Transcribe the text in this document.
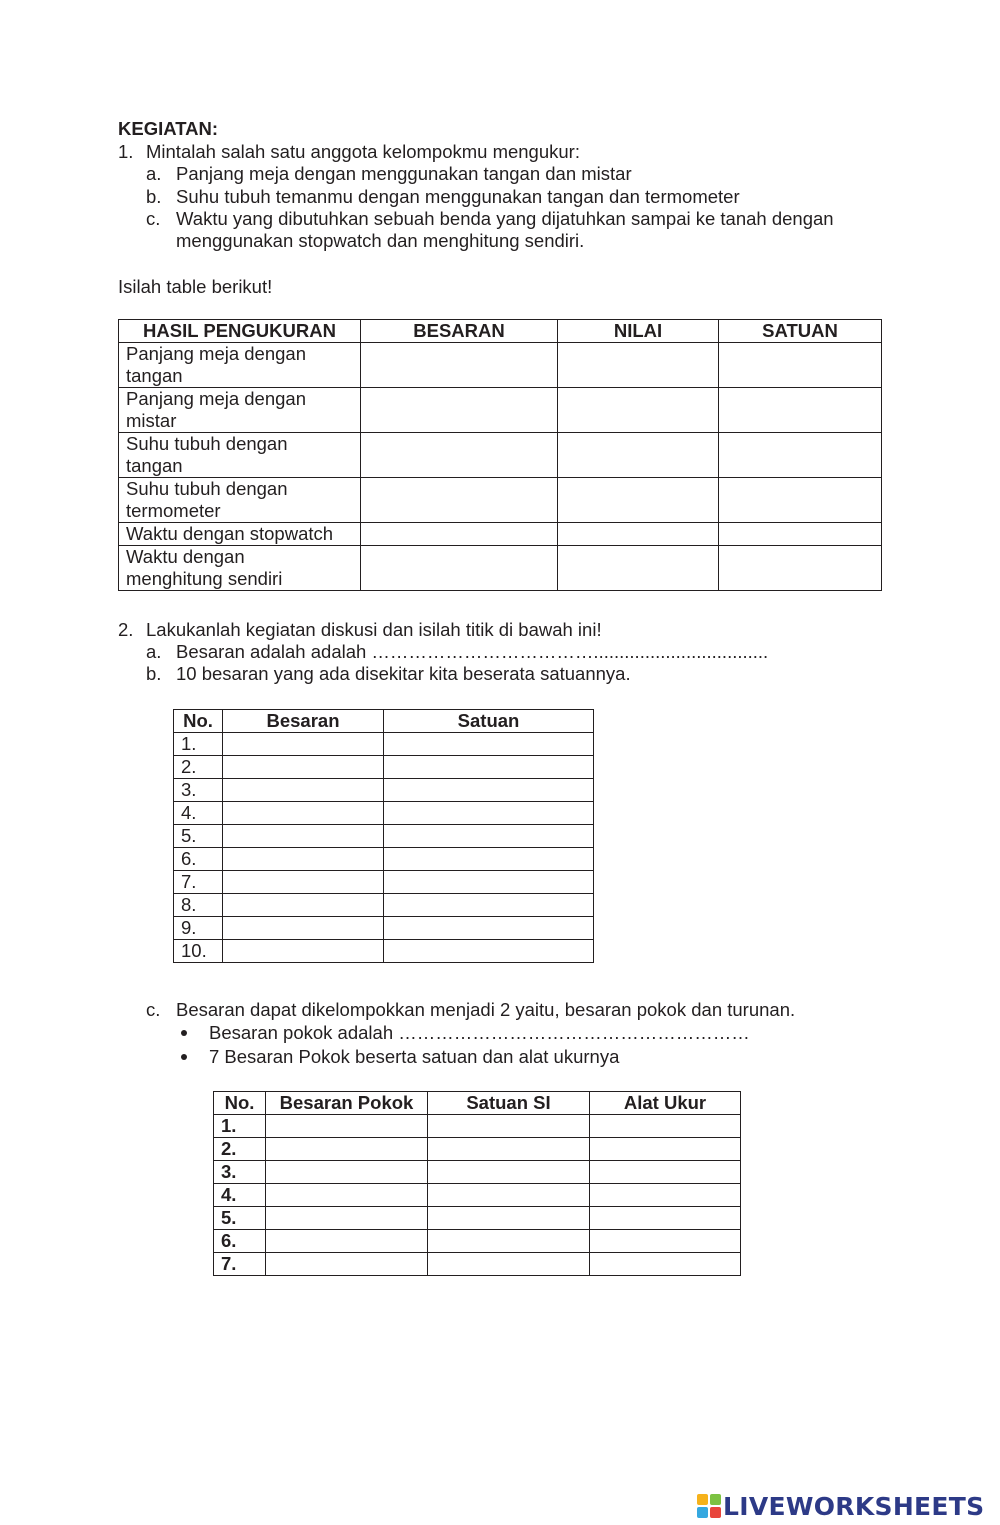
KEGIATAN:
1. Mintalah salah satu anggota kelompokmu mengukur:
a. Panjang meja dengan menggunakan tangan dan mistar
b. Suhu tubuh temanmu dengan menggunakan tangan dan termometer
c. Waktu yang dibutuhkan sebuah benda yang dijatuhkan sampai ke tanah dengan
menggunakan stopwatch dan menghitung sendiri.
Isilah table berikut!
HASIL PENGUKURAN	BESARAN	NILAI	SATUAN

Panjang meja dengan
tangan			

Panjang meja dengan
mistar			

Suhu tubuh dengan
tangan			

Suhu tubuh dengan
termometer			

Waktu dengan stopwatch			

Waktu dengan
menghitung sendiri			

2. Lakukanlah kegiatan diskusi dan isilah titik di bawah ini!
a. Besaran adalah adalah ………………………………..................................
b. 10 besaran yang ada disekitar kita beserata satuannya.
No.	Besaran	Satuan
1.		
2.		
3.		
4.		
5.		
6.		
7.		
8.		
9.		
10.		
c. Besaran dapat dikelompokkan menjadi 2 yaitu, besaran pokok dan turunan.
Besaran pokok adalah …………………………………………………
7 Besaran Pokok beserta satuan dan alat ukurnya
No.	Besaran Pokok	Satuan SI	Alat Ukur
1.			
2.			
3.			
4.			
5.			
6.			
7.			
LIVEWORKSHEETS
